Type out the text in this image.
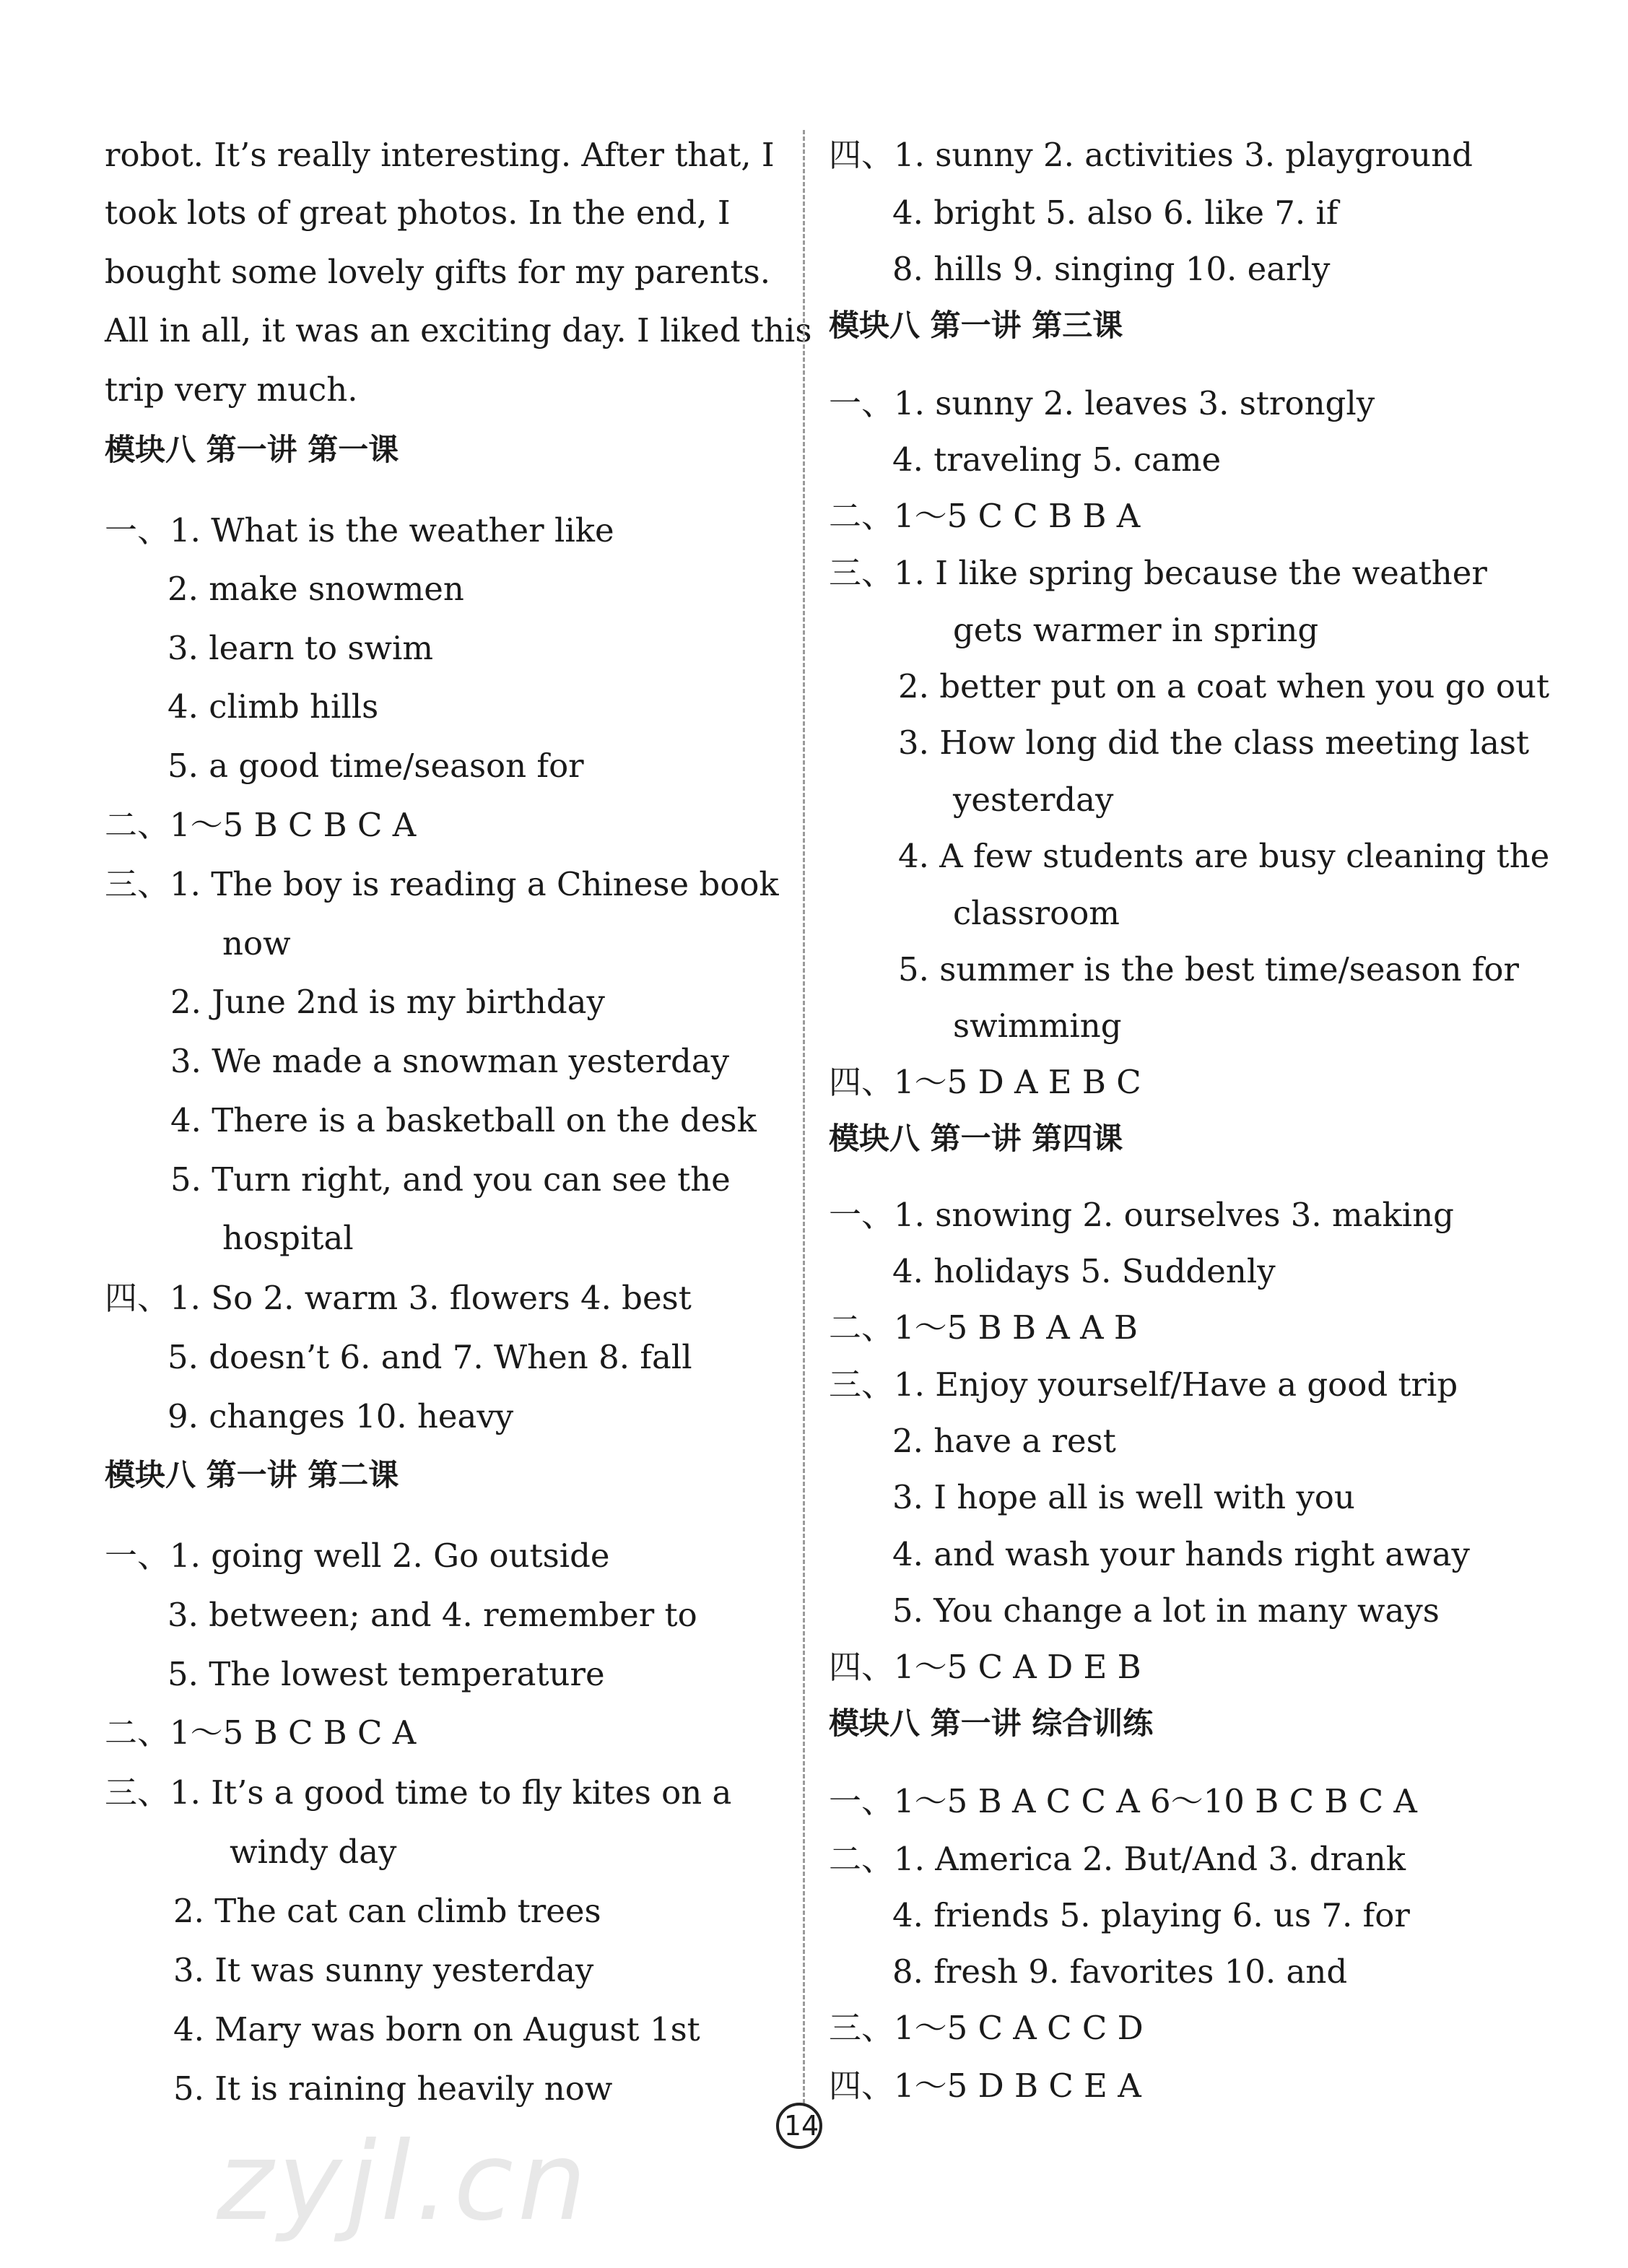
robot. It’s really interesting. After that, I
took lots of great photos. In the end, I
bought some lovely gifts for my parents.
All in all, it was an exciting day. I liked this
trip very much.
模块八 第一讲 第一课
一、1. What is the weather like
2. make snowmen
3. learn to swim
4. climb hills
5. a good time/season for
二、1～5 B C B C A
三、1. The boy is reading a Chinese book
now
2. June 2nd is my birthday
3. We made a snowman yesterday
4. There is a basketball on the desk
5. Turn right, and you can see the
hospital
四、1. So 2. warm 3. flowers 4. best
5. doesn’t 6. and 7. When 8. fall
9. changes 10. heavy
模块八 第一讲 第二课
一、1. going well 2. Go outside
3. between; and 4. remember to
5. The lowest temperature
二、1～5 B C B C A
三、1. It’s a good time to fly kites on a
windy day
2. The cat can climb trees
3. It was sunny yesterday
4. Mary was born on August 1st
5. It is raining heavily now
四、1. sunny 2. activities 3. playground
4. bright 5. also 6. like 7. if
8. hills 9. singing 10. early
模块八 第一讲 第三课
一、1. sunny 2. leaves 3. strongly
4. traveling 5. came
二、1～5 C C B B A
三、1. I like spring because the weather
gets warmer in spring
2. better put on a coat when you go out
3. How long did the class meeting last
yesterday
4. A few students are busy cleaning the
classroom
5. summer is the best time/season for
swimming
四、1～5 D A E B C
模块八 第一讲 第四课
一、1. snowing 2. ourselves 3. making
4. holidays 5. Suddenly
二、1～5 B B A A B
三、1. Enjoy yourself/Have a good trip
2. have a rest
3. I hope all is well with you
4. and wash your hands right away
5. You change a lot in many ways
四、1～5 C A D E B
模块八 第一讲 综合训练
一、1～5 B A C C A 6～10 B C B C A
二、1. America 2. But/And 3. drank
4. friends 5. playing 6. us 7. for
8. fresh 9. favorites 10. and
三、1～5 C A C C D
四、1～5 D B C E A
zyjl.cn	14
